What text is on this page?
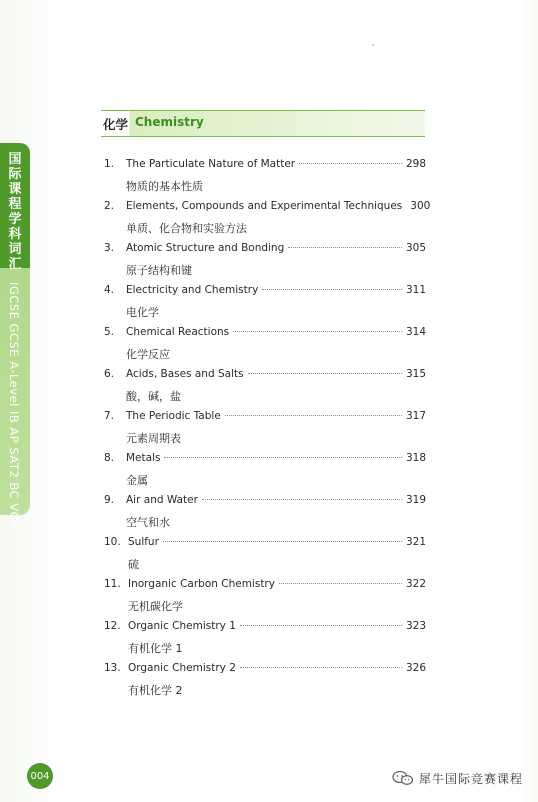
国
际
课
程
学
科
词
汇
IGCSE GCSE A-Level IB AP SAT2 BC VCE
化学 Chemistry
1. The Particulate Nature of Matter	298
物质的基本性质
2. Elements, Compounds and Experimental Techniques 300
单质、化合物和实验方法
3. Atomic Structure and Bonding	305
原子结构和键
4. Electricity and Chemistry	311
电化学
5. Chemical Reactions	314
化学反应
6. Acids, Bases and Salts	315
酸，碱，盐
7. The Periodic Table	317
元素周期表
8. Metals	318
金属
9. Air and Water	319
空气和水
10. Sulfur	321
硫
11. Inorganic Carbon Chemistry	322
无机碳化学
12. Organic Chemistry 1	323
有机化学 1
13. Organic Chemistry 2	326
有机化学 2
004	犀牛国际竞赛课程
